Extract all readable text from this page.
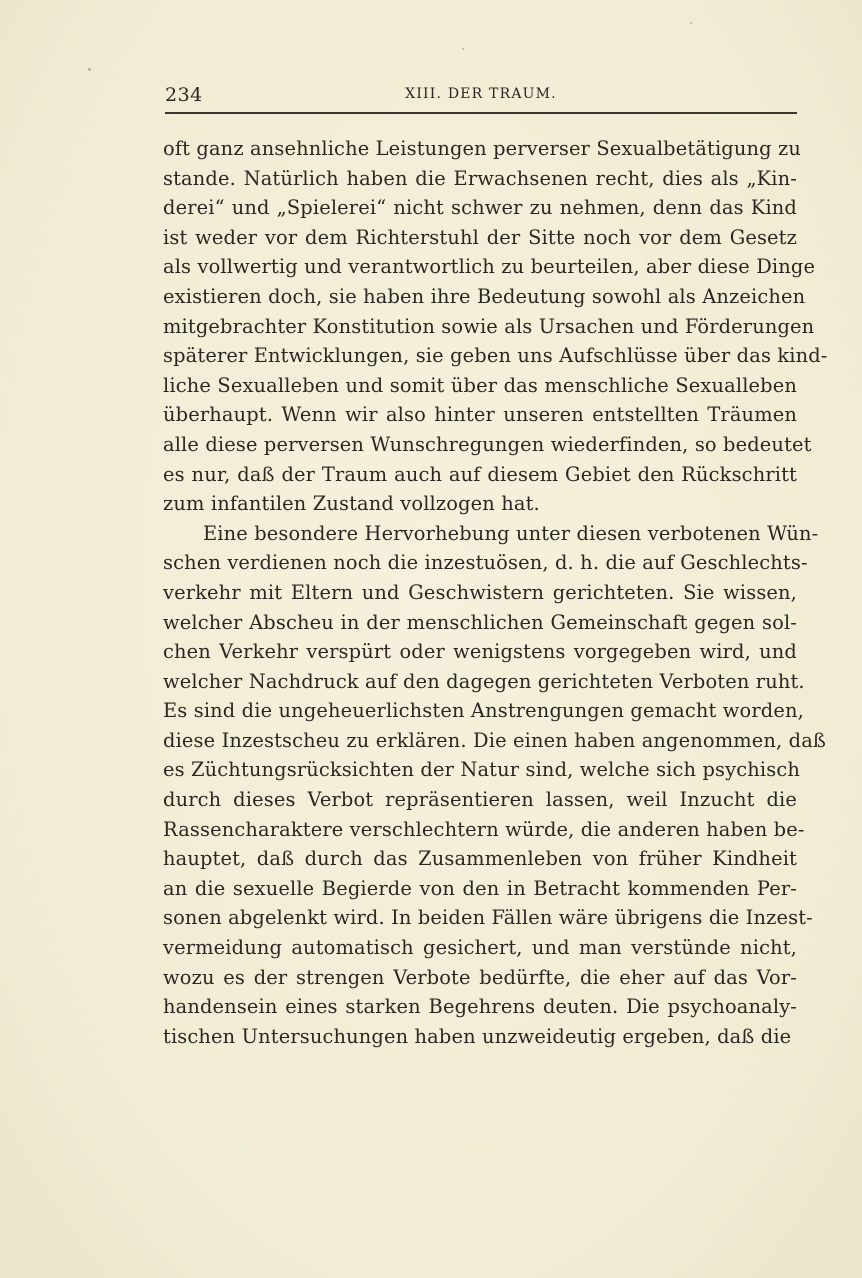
234	XIII. DER TRAUM.
oft ganz ansehnliche Leistungen perverser Sexualbetätigung zu
stande. Natürlich haben die Erwachsenen recht, dies als „Kin-
derei“ und „Spielerei“ nicht schwer zu nehmen, denn das Kind
ist weder vor dem Richterstuhl der Sitte noch vor dem Gesetz
als vollwertig und verantwortlich zu beurteilen, aber diese Dinge
existieren doch, sie haben ihre Bedeutung sowohl als Anzeichen
mitgebrachter Konstitution sowie als Ursachen und Förderungen
späterer Entwicklungen, sie geben uns Aufschlüsse über das kind-
liche Sexualleben und somit über das menschliche Sexualleben
überhaupt. Wenn wir also hinter unseren entstellten Träumen
alle diese perversen Wunschregungen wiederfinden, so bedeutet
es nur, daß der Traum auch auf diesem Gebiet den Rückschritt
zum infantilen Zustand vollzogen hat.
Eine besondere Hervorhebung unter diesen verbotenen Wün-
schen verdienen noch die inzestuösen, d. h. die auf Geschlechts-
verkehr mit Eltern und Geschwistern gerichteten. Sie wissen,
welcher Abscheu in der menschlichen Gemeinschaft gegen sol-
chen Verkehr verspürt oder wenigstens vorgegeben wird, und
welcher Nachdruck auf den dagegen gerichteten Verboten ruht.
Es sind die ungeheuerlichsten Anstrengungen gemacht worden,
diese Inzestscheu zu erklären. Die einen haben angenommen, daß
es Züchtungsrücksichten der Natur sind, welche sich psychisch
durch dieses Verbot repräsentieren lassen, weil Inzucht die
Rassencharaktere verschlechtern würde, die anderen haben be-
hauptet, daß durch das Zusammenleben von früher Kindheit
an die sexuelle Begierde von den in Betracht kommenden Per-
sonen abgelenkt wird. In beiden Fällen wäre übrigens die Inzest-
vermeidung automatisch gesichert, und man verstünde nicht,
wozu es der strengen Verbote bedürfte, die eher auf das Vor-
handensein eines starken Begehrens deuten. Die psychoanaly-
tischen Untersuchungen haben unzweideutig ergeben, daß die
